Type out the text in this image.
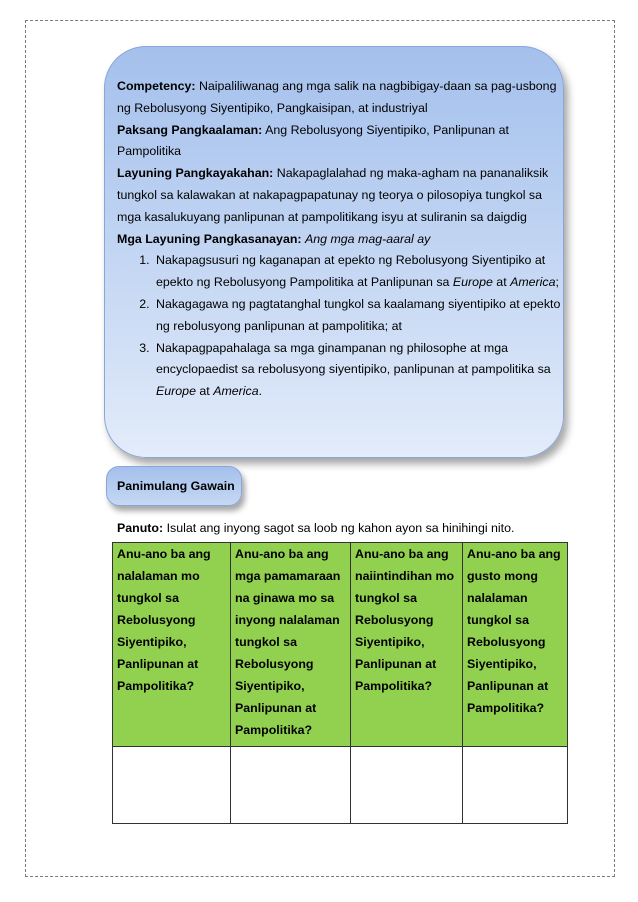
Competency: Naipaliliwanag ang mga salik na nagbibigay-daan sa pag-usbong ng Rebolusyong Siyentipiko, Pangkaisipan, at industriyal

Paksang Pangkaalaman: Ang Rebolusyong Siyentipiko, Panlipunan at Pampolitika

Layuning Pangkayakahan: Nakapaglalahad ng maka-agham na pananaliksik tungkol sa kalawakan at nakapagpapatunay ng teorya o pilosopiya tungkol sa mga kasalukuyang panlipunan at pampolitikang isyu at suliranin sa daigdig

Mga Layuning Pangkasanayan: Ang mga mag-aaral ay

1. Nakapagsusuri ng kaganapan at epekto ng Rebolusyong Siyentipiko at epekto ng Rebolusyong Pampolitika at Panlipunan sa Europe at America;
2. Nakagagawa ng pagtatanghal tungkol sa kaalamang siyentipiko at epekto ng rebolusyong panlipunan at pampolitika; at
3. Nakapagpapahalaga sa mga ginampanan ng philosophe at mga encyclopaedist sa rebolusyong siyentipiko, panlipunan at pampolitika sa Europe at America.
Panimulang Gawain
Panuto: Isulat ang inyong sagot sa loob ng kahon ayon sa hinihingi nito.
Anu-ano ba ang nalalaman mo tungkol sa Rebolusyong Siyentipiko, Panlipunan at Pampolitika?	Anu-ano ba ang mga pamamaraan na ginawa mo sa inyong nalalaman tungkol sa Rebolusyong Siyentipiko, Panlipunan at Pampolitika?	Anu-ano ba ang naiintindihan mo tungkol sa Rebolusyong Siyentipiko, Panlipunan at Pampolitika?	Anu-ano ba ang gusto mong nalalaman tungkol sa Rebolusyong Siyentipiko, Panlipunan at Pampolitika?
